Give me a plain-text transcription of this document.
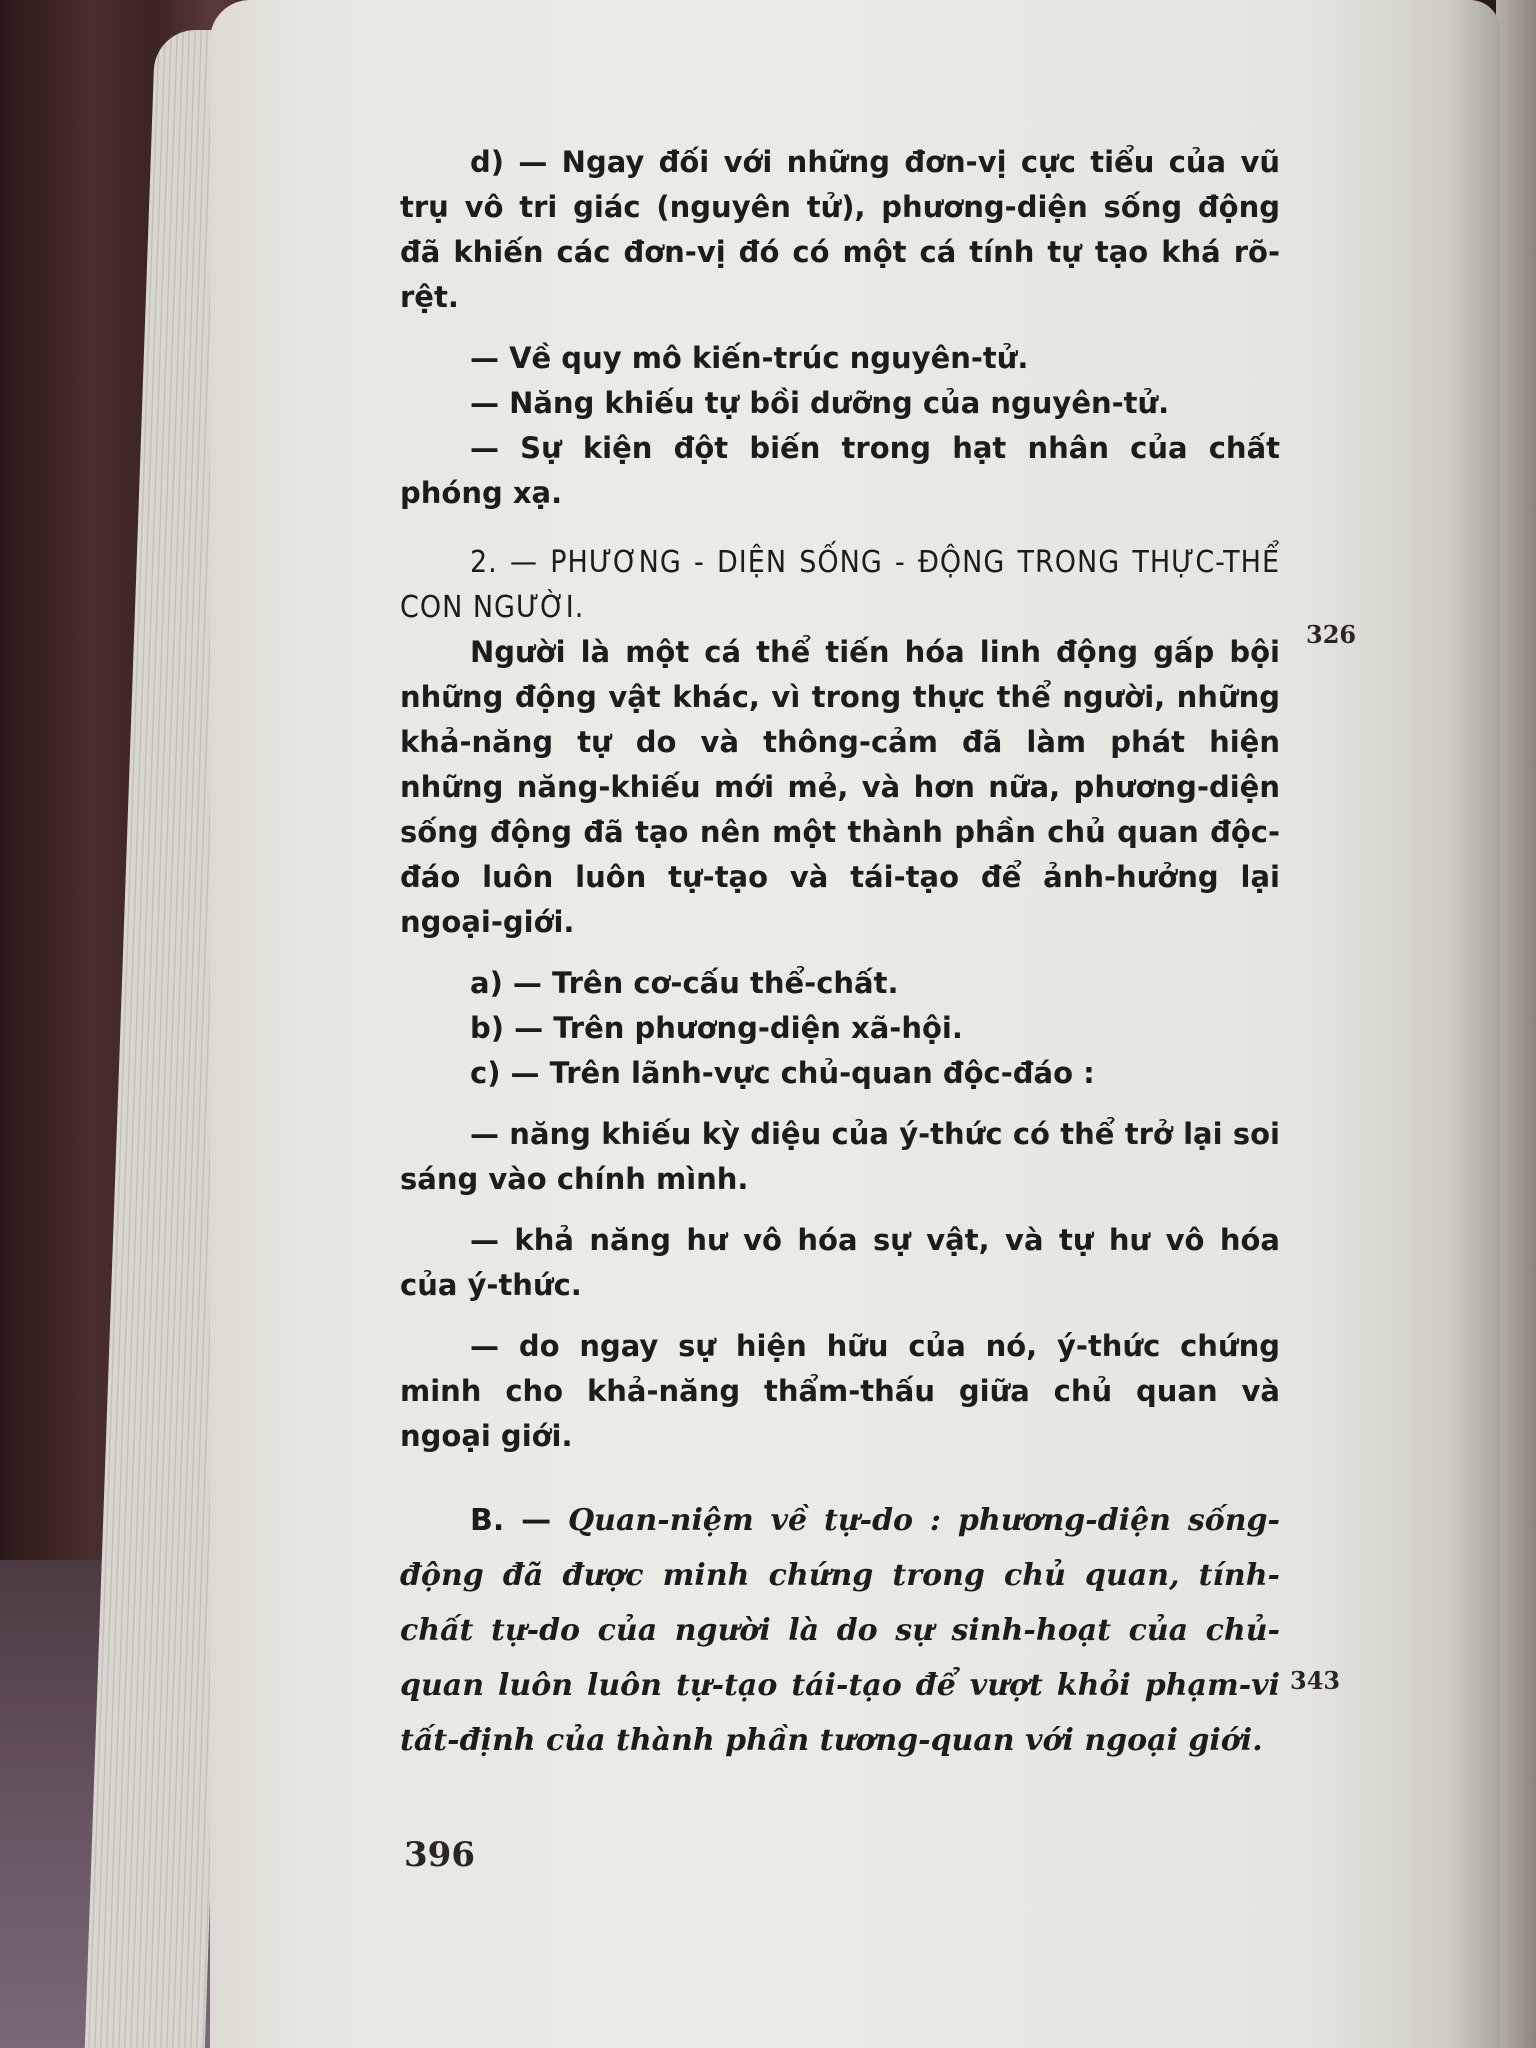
d) — Ngay đối với những đơn-vị cực tiểu của vũ trụ vô tri giác (nguyên tử), phương-diện sống động đã khiến các đơn-vị đó có một cá tính tự tạo khá rõ-rệt.

— Về quy mô kiến-trúc nguyên-tử.

— Năng khiếu tự bồi dưỡng của nguyên-tử.

— Sự kiện đột biến trong hạt nhân của chất phóng xạ.

2. — PHƯƠNG - DIỆN SỐNG - ĐỘNG TRONG THỰC-THỂ CON NGƯỜI.

Người là một cá thể tiến hóa linh động gấp bội những động vật khác, vì trong thực thể người, những khả-năng tự do và thông-cảm đã làm phát hiện những năng-khiếu mới mẻ, và hơn nữa, phương-diện sống động đã tạo nên một thành phần chủ quan độc-đáo luôn luôn tự-tạo và tái-tạo để ảnh-hưởng lại ngoại-giới.

a) — Trên cơ-cấu thể-chất.

b) — Trên phương-diện xã-hội.

c) — Trên lãnh-vực chủ-quan độc-đáo :

— năng khiếu kỳ diệu của ý-thức có thể trở lại soi sáng vào chính mình.

— khả năng hư vô hóa sự vật, và tự hư vô hóa của ý-thức.

— do ngay sự hiện hữu của nó, ý-thức chứng minh cho khả-năng thẩm-thấu giữa chủ quan và ngoại giới.

B. — Quan-niệm về tự-do : phương-diện sống-động đã được minh chứng trong chủ quan, tính-chất tự-do của người là do sự sinh-hoạt của chủ-quan luôn luôn tự-tạo tái-tạo để vượt khỏi phạm-vi tất-định của thành phần tương-quan với ngoại giới.

326
343
396
